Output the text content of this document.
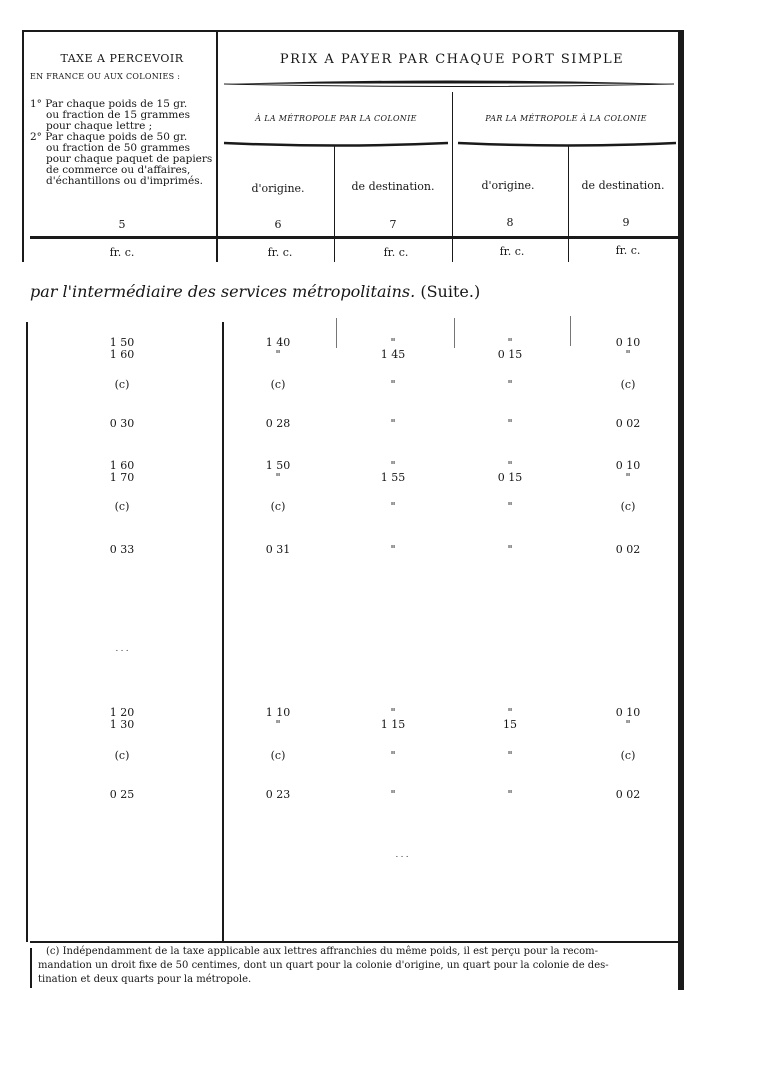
TAXE A PERCEVOIR
EN FRANCE OU AUX COLONIES :
1° Par chaque poids de 15 gr.
ou fraction de 15 grammes
pour chaque lettre ;
2° Par chaque poids de 50 gr.
ou fraction de 50 grammes
pour chaque paquet de papiers
de commerce ou d'affaires,
d'échantillons ou d'imprimés.
PRIX A PAYER PAR CHAQUE PORT SIMPLE
À LA MÉTROPOLE PAR LA COLONIE	PAR LA MÉTROPOLE À LA COLONIE
d'origine.	de destination.	d'origine.	de destination.
5	6	7	8	9
fr. c.	fr. c.	fr. c.	fr. c.	fr. c.
par l'intermédiaire des services métropolitains. (Suite.)
1 50	1 40	"	"	0 10
1 60	"	1 45	0 15	"
(c)	(c)	"	"	(c)
0 30	0 28	"	"	0 02
1 60	1 50	"	"	0 10
1 70	"	1 55	0 15	"
(c)	(c)	"	"	(c)
0 33	0 31	"	"	0 02
1 20	1 10	"	"	0 10
1 30	"	1 15	15	"
(c)	(c)	"	"	(c)
0 25	0 23	"	"	0 02
. . .
. . .
(c) Indépendamment de la taxe applicable aux lettres affranchies du même poids, il est perçu pour la recom-
mandation un droit fixe de 50 centimes, dont un quart pour la colonie d'origine, un quart pour la colonie de des-
tination et deux quarts pour la métropole.
